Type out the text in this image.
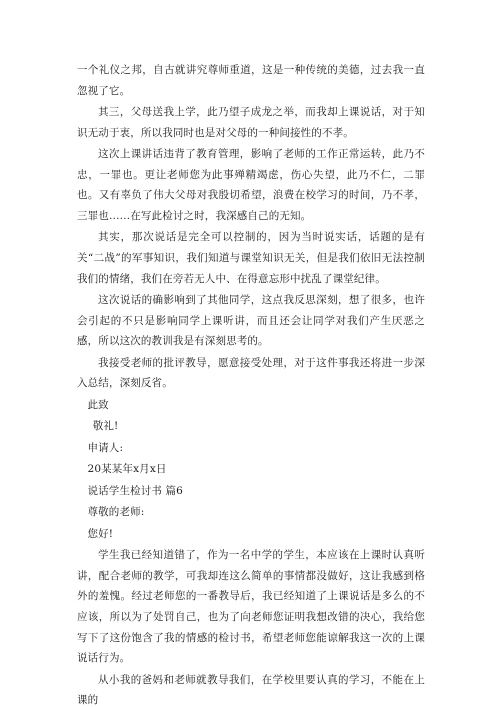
一个礼仪之邦，自古就讲究尊师重道，这是一种传统的美德，过去我一直忽视了它。

其三，父母送我上学，此乃望子成龙之举，而我却上课说话，对于知识无动于衷，所以我同时也是对父母的一种间接性的不孝。

这次上课讲话违背了教育管理，影响了老师的工作正常运转，此乃不忠，一罪也。更让老师您为此事殚精竭虑，伤心失望，此乃不仁，二罪也。又有辜负了伟大父母对我殷切希望，浪费在校学习的时间，乃不孝，三罪也……在写此检讨之时，我深感自己的无知。

其实，那次说话是完全可以控制的，因为当时说实话，话题的是有关“二战”的军事知识，我们知道与课堂知识无关，但是我们依旧无法控制我们的情绪，我们在旁若无人中、在得意忘形中扰乱了课堂纪律。

这次说话的确影响到了其他同学，这点我反思深刻，想了很多，也许会引起的不只是影响同学上课听讲，而且还会让同学对我们产生厌恶之感，所以这次的教训我是有深刻思考的。

我接受老师的批评教导，愿意接受处理，对于这件事我还将进一步深入总结，深刻反省。

此致
敬礼!
申请人:
20某某年x月x日
说话学生检讨书 篇6
尊敬的老师:
您好!

学生我已经知道错了，作为一名中学的学生，本应该在上课时认真听讲，配合老师的教学，可我却连这么简单的事情都没做好，这让我感到格外的羞愧。经过老师您的一番教导后，我已经知道了上课说话是多么的不应该，所以为了处罚自己，也为了向老师您证明我想改错的决心，我给您写下了这份饱含了我的情感的检讨书，希望老师您能谅解我这一次的上课说话行为。

从小我的爸妈和老师就教导我们，在学校里要认真的学习，不能在上课的
